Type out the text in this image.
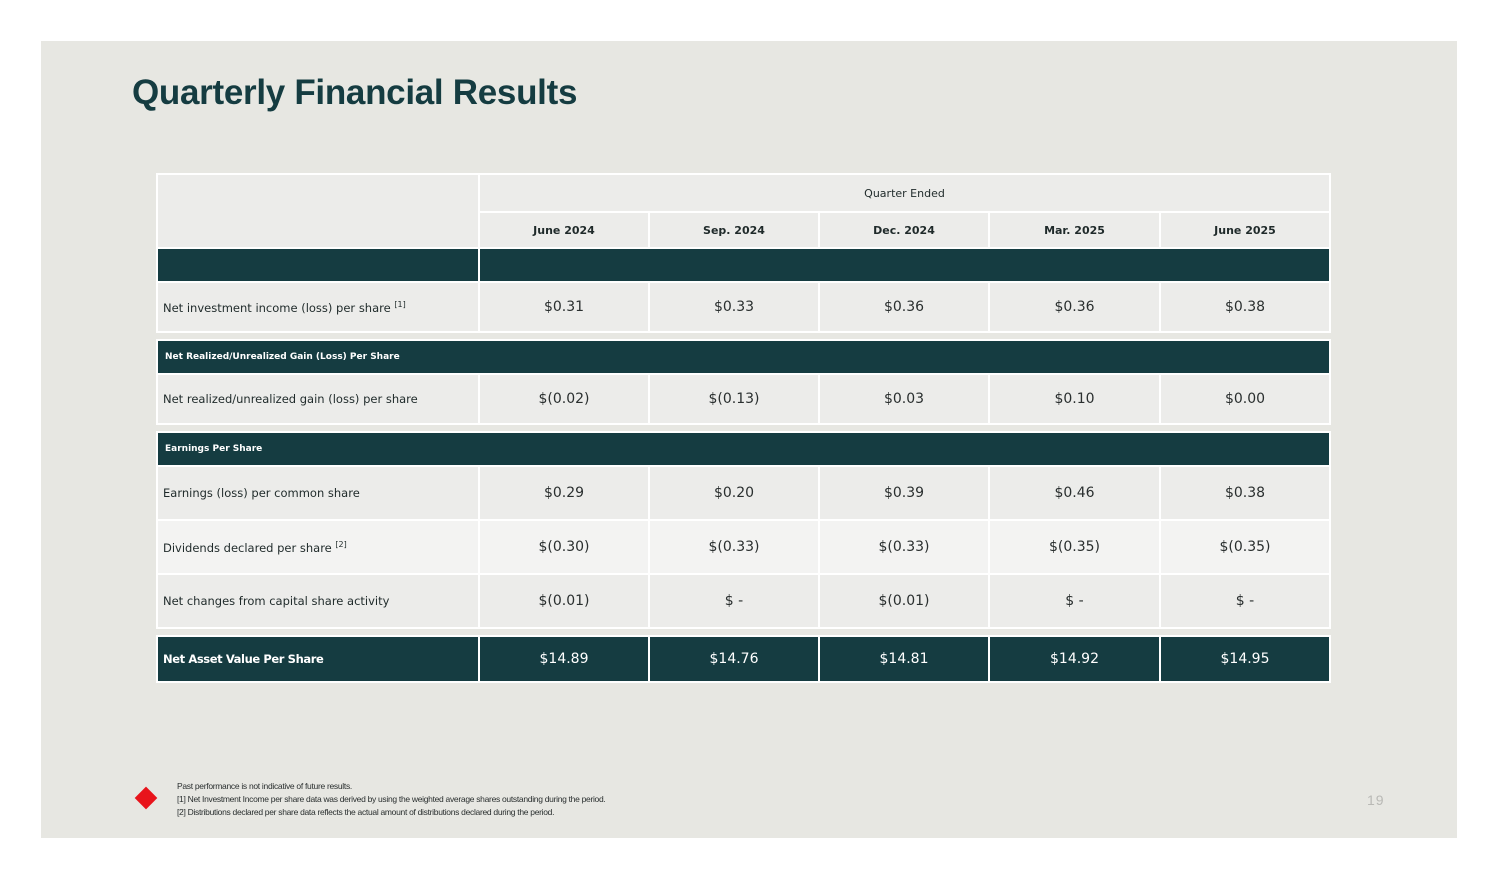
Quarterly Financial Results
	Quarter Ended				
	June 2024	Sep. 2024	Dec. 2024	Mar. 2025	June 2025

Net investment income (loss) per share [1]	$0.31	$0.33	$0.36	$0.36	$0.38

Net Realized/Unrealized Gain (Loss) Per Share					
Net realized/unrealized gain (loss) per share	$(0.02)	$(0.13)	$0.03	$0.10	$0.00

Earnings Per Share					
Earnings (loss) per common share	$0.29	$0.20	$0.39	$0.46	$0.38
Dividends declared per share [2]	$(0.30)	$(0.33)	$(0.33)	$(0.35)	$(0.35)
Net changes from capital share activity	$(0.01)	$ -	$(0.01)	$ -	$ -

Net Asset Value Per Share	$14.89	$14.76	$14.81	$14.92	$14.95
Past performance is not indicative of future results.
[1] Net Investment Income per share data was derived by using the weighted average shares outstanding during the period.
[2] Distributions declared per share data reflects the actual amount of distributions declared during the period.
19
